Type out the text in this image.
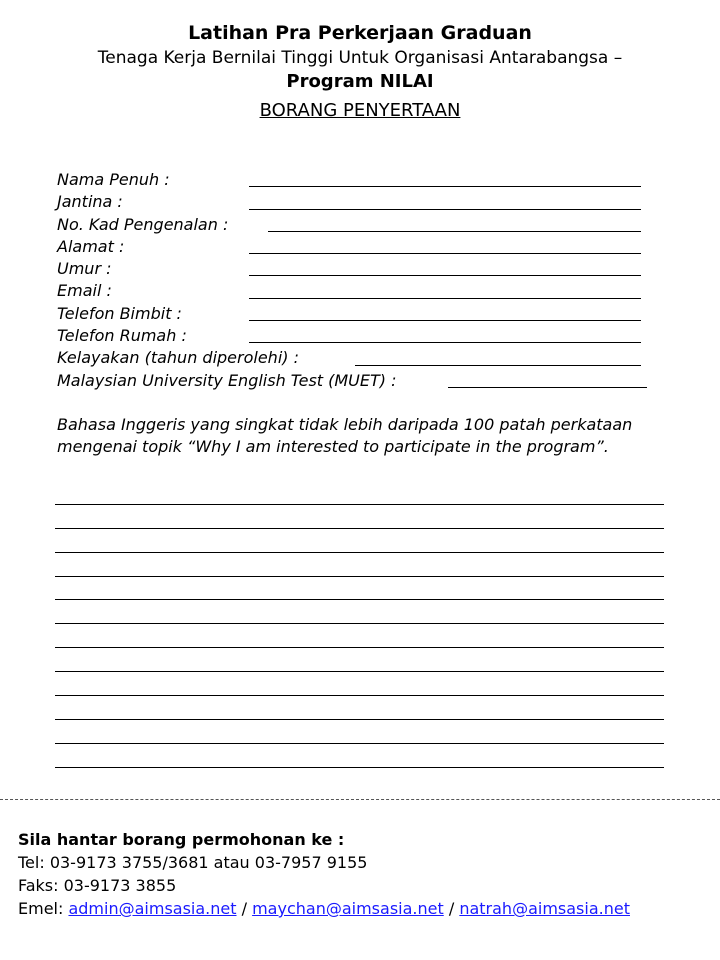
Latihan Pra Perkerjaan Graduan
Tenaga Kerja Bernilai Tinggi Untuk Organisasi Antarabangsa –
Program NILAI
BORANG PENYERTAAN
Nama Penuh :
Jantina :
No. Kad Pengenalan :
Alamat :
Umur :
Email :
Telefon Bimbit :
Telefon Rumah :
Kelayakan (tahun diperolehi) :
Malaysian University English Test (MUET) :
Bahasa Inggeris yang singkat tidak lebih daripada 100 patah perkataan
mengenai topik “Why I am interested to participate in the program”.
Sila hantar borang permohonan ke :
Tel: 03-9173 3755/3681 atau 03-7957 9155
Faks: 03-9173 3855
Emel: admin@aimsasia.net / maychan@aimsasia.net / natrah@aimsasia.net
